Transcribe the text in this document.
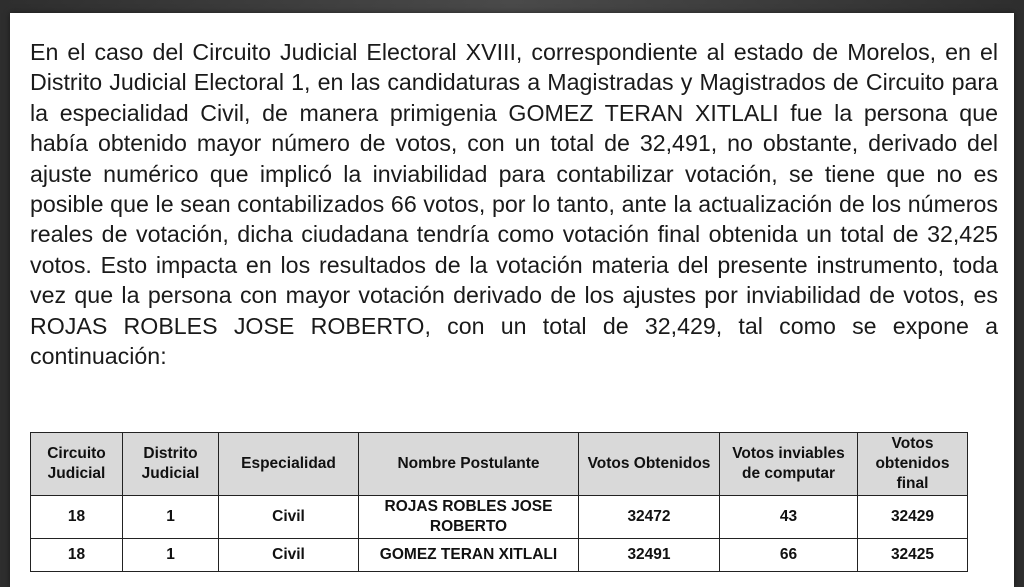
En el caso del Circuito Judicial Electoral XVIII, correspondiente al estado de Morelos, en el Distrito Judicial Electoral 1, en las candidaturas a Magistradas y Magistrados de Circuito para la especialidad Civil, de manera primigenia GOMEZ TERAN XITLALI fue la persona que había obtenido mayor número de votos, con un total de 32,491, no obstante, derivado del ajuste numérico que implicó la inviabilidad para contabilizar votación, se tiene que no es posible que le sean contabilizados 66 votos, por lo tanto, ante la actualización de los números reales de votación, dicha ciudadana tendría como votación final obtenida un total de 32,425 votos. Esto impacta en los resultados de la votación materia del presente instrumento, toda vez que la persona con mayor votación derivado de los ajustes por inviabilidad de votos, es ROJAS ROBLES JOSE ROBERTO, con un total de 32,429, tal como se expone a continuación:

Circuito Judicial	Distrito Judicial	Especialidad	Nombre Postulante	Votos Obtenidos	Votos inviables de computar	Votos obtenidos final
18	1	Civil	ROJAS ROBLES JOSE ROBERTO	32472	43	32429
18	1	Civil	GOMEZ TERAN XITLALI	32491	66	32425
